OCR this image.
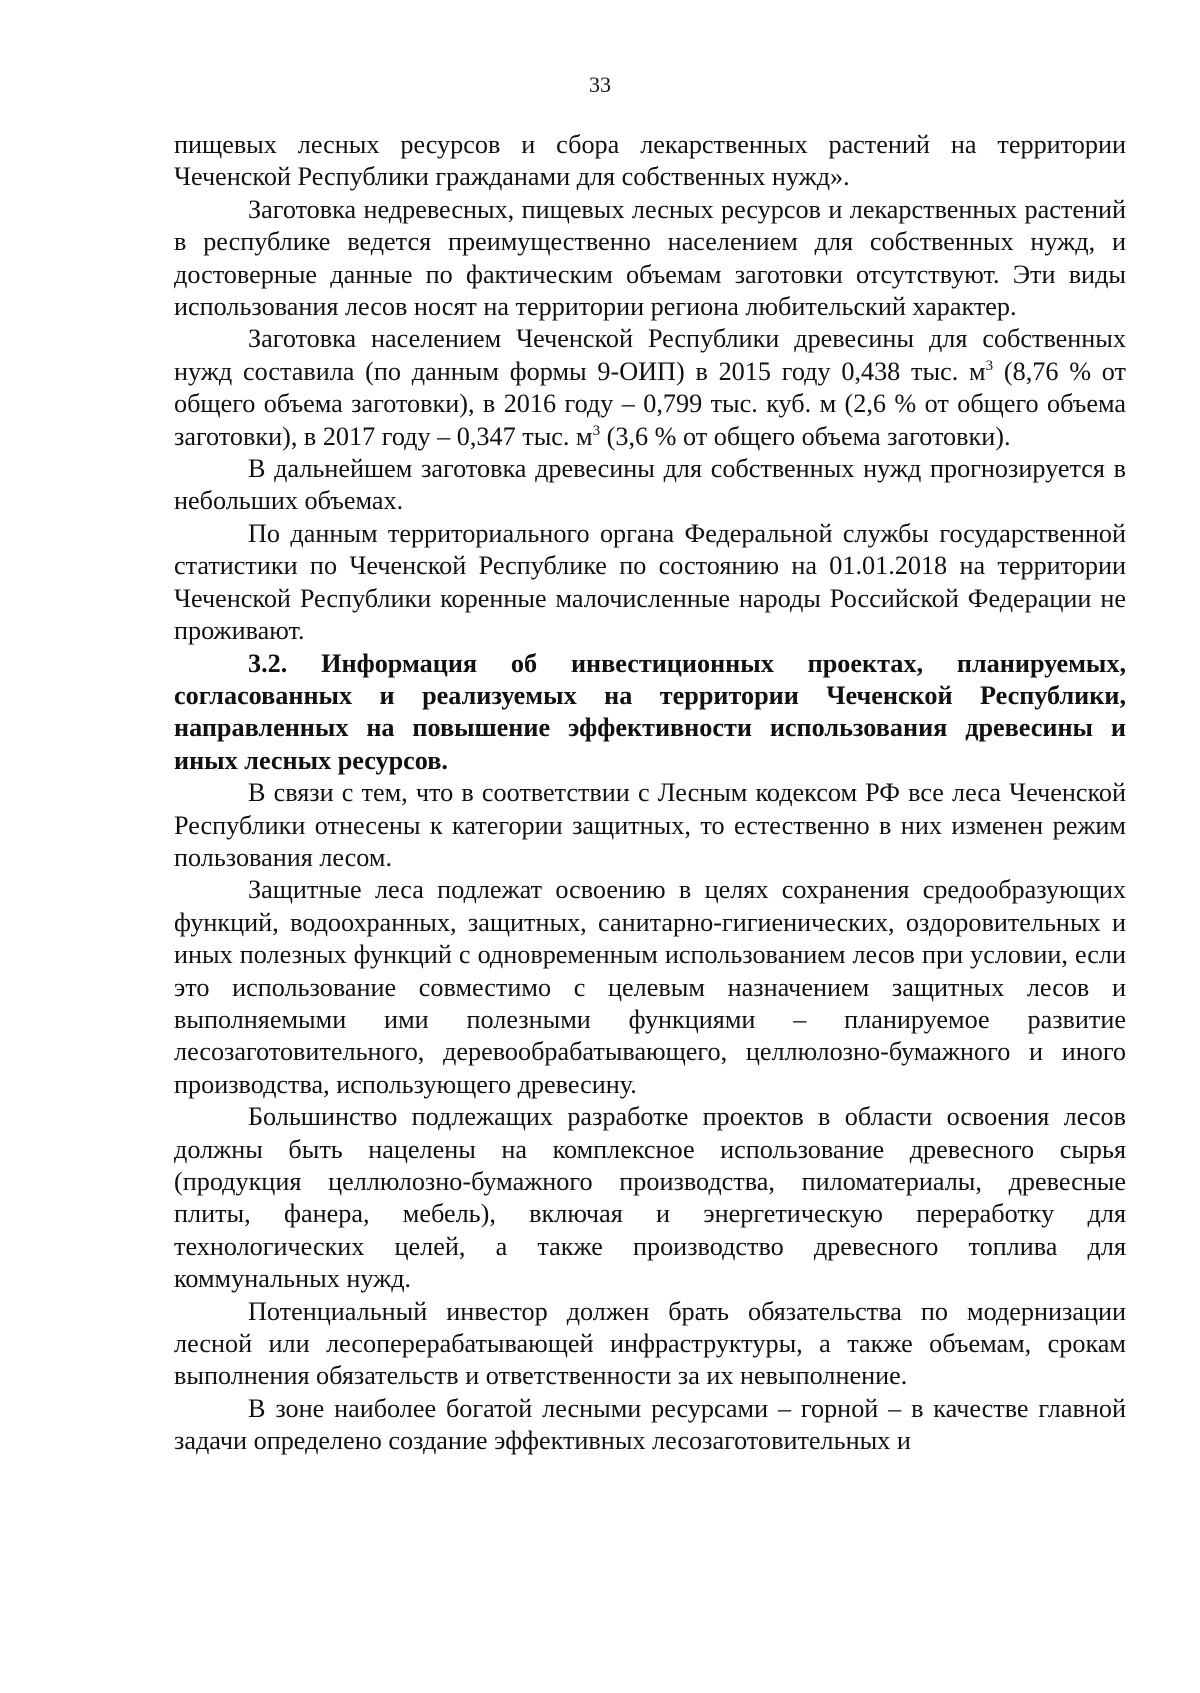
33

пищевых лесных ресурсов и сбора лекарственных растений на территории Чеченской Республики гражданами для собственных нужд».

Заготовка недревесных, пищевых лесных ресурсов и лекарственных растений в республике ведется преимущественно населением для собственных нужд, и достоверные данные по фактическим объемам заготовки отсутствуют. Эти виды использования лесов носят на территории региона любительский характер.

Заготовка населением Чеченской Республики древесины для собственных нужд составила (по данным формы 9-ОИП) в 2015 году 0,438 тыс. $м^3$ (8,76 % от общего объема заготовки), в 2016 году – 0,799 тыс. куб. м (2,6 % от общего объема заготовки), в 2017 году – 0,347 тыс. $м^3$ (3,6 % от общего объема заготовки).

В дальнейшем заготовка древесины для собственных нужд прогнозируется в небольших объемах.

По данным территориального органа Федеральной службы государственной статистики по Чеченской Республике по состоянию на 01.01.2018 на территории Чеченской Республики коренные малочисленные народы Российской Федерации не проживают.

3.2. Информация об инвестиционных проектах, планируемых, согласованных и реализуемых на территории Чеченской Республики, направленных на повышение эффективности использования древесины и иных лесных ресурсов.

В связи с тем, что в соответствии с Лесным кодексом РФ все леса Чеченской Республики отнесены к категории защитных, то естественно в них изменен режим пользования лесом.

Защитные леса подлежат освоению в целях сохранения средообразующих функций, водоохранных, защитных, санитарно-гигиенических, оздоровительных и иных полезных функций с одновременным использованием лесов при условии, если это использование совместимо с целевым назначением защитных лесов и выполняемыми ими полезными функциями – планируемое развитие лесозаготовительного, деревообрабатывающего, целлюлозно-бумажного и иного производства, использующего древесину.

Большинство подлежащих разработке проектов в области освоения лесов должны быть нацелены на комплексное использование древесного сырья (продукция целлюлозно-бумажного производства, пиломатериалы, древесные плиты, фанера, мебель), включая и энергетическую переработку для технологических целей, а также производство древесного топлива для коммунальных нужд.

Потенциальный инвестор должен брать обязательства по модернизации лесной или лесоперерабатывающей инфраструктуры, а также объемам, срокам выполнения обязательств и ответственности за их невыполнение.

В зоне наиболее богатой лесными ресурсами – горной – в качестве главной задачи определено создание эффективных лесозаготовительных и
